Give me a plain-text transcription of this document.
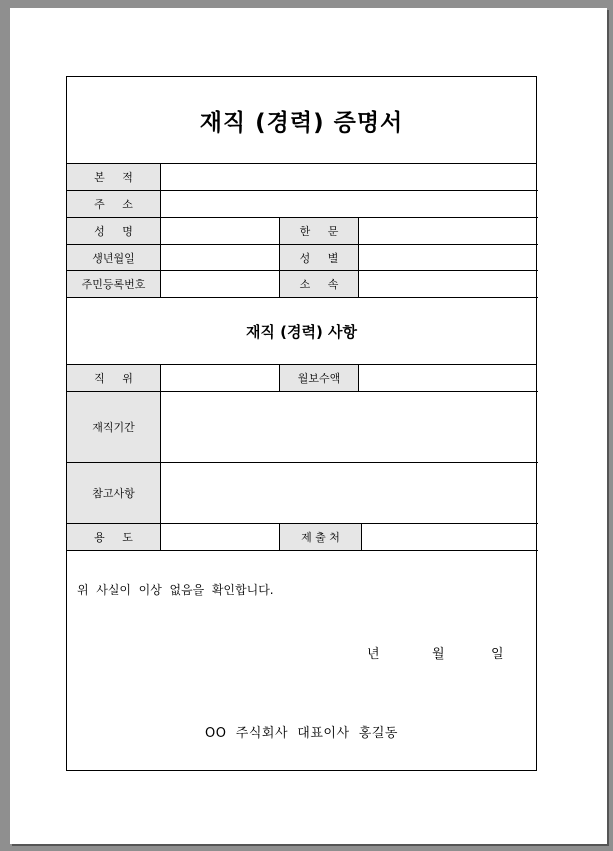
재직 (경력) 증명서
본     적
주     소
성     명	한     문
생년월일	성     별
주민등록번호	소     속
재직 (경력) 사항
직     위	월보수액
재직기간
참고사항
용     도	제 출 처
위  사실이  이상  없음을  확인합니다.
년	월	일
OO  주식회사  대표이사  홍길동
